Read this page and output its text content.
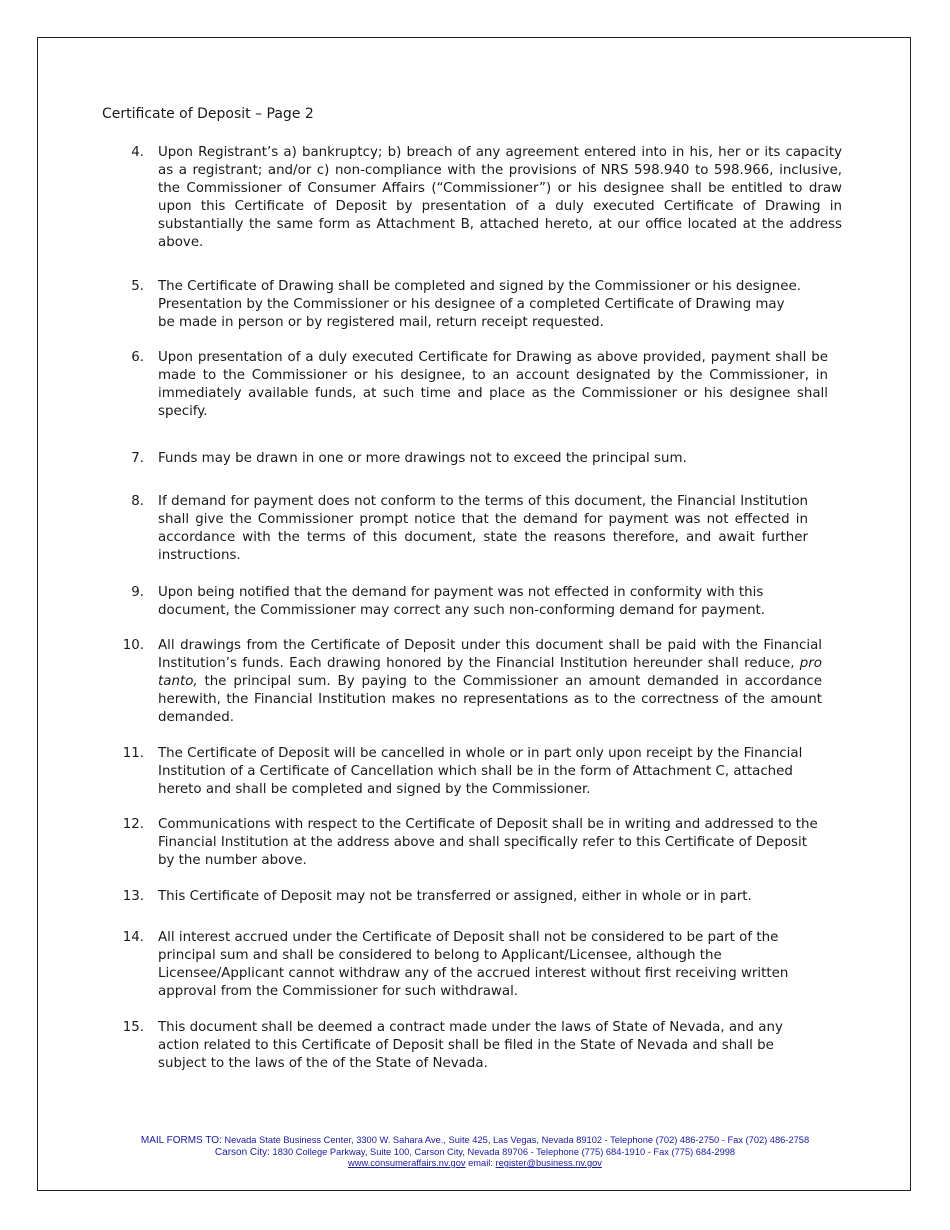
Certificate of Deposit – Page 2
4. Upon Registrant’s a) bankruptcy; b) breach of any agreement entered into in his, her or its capacity as a registrant; and/or c) non-compliance with the provisions of NRS 598.940 to 598.966, inclusive, the Commissioner of Consumer Affairs (“Commissioner”) or his designee shall be entitled to draw upon this Certificate of Deposit by presentation of a duly executed Certificate of Drawing in substantially the same form as Attachment B, attached hereto, at our office located at the address above.
5. The Certificate of Drawing shall be completed and signed by the Commissioner or his designee. Presentation by the Commissioner or his designee of a completed Certificate of Drawing may be made in person or by registered mail, return receipt requested.
6. Upon presentation of a duly executed Certificate for Drawing as above provided, payment shall be made to the Commissioner or his designee, to an account designated by the Commissioner, in immediately available funds, at such time and place as the Commissioner or his designee shall specify.
7. Funds may be drawn in one or more drawings not to exceed the principal sum.
8. If demand for payment does not conform to the terms of this document, the Financial Institution shall give the Commissioner prompt notice that the demand for payment was not effected in accordance with the terms of this document, state the reasons therefore, and await further instructions.
9. Upon being notified that the demand for payment was not effected in conformity with this document, the Commissioner may correct any such non-conforming demand for payment.
10. All drawings from the Certificate of Deposit under this document shall be paid with the Financial Institution’s funds. Each drawing honored by the Financial Institution hereunder shall reduce, pro tanto, the principal sum. By paying to the Commissioner an amount demanded in accordance herewith, the Financial Institution makes no representations as to the correctness of the amount demanded.
11. The Certificate of Deposit will be cancelled in whole or in part only upon receipt by the Financial Institution of a Certificate of Cancellation which shall be in the form of Attachment C, attached hereto and shall be completed and signed by the Commissioner.
12. Communications with respect to the Certificate of Deposit shall be in writing and addressed to the Financial Institution at the address above and shall specifically refer to this Certificate of Deposit by the number above.
13. This Certificate of Deposit may not be transferred or assigned, either in whole or in part.
14. All interest accrued under the Certificate of Deposit shall not be considered to be part of the principal sum and shall be considered to belong to Applicant/Licensee, although the Licensee/Applicant cannot withdraw any of the accrued interest without first receiving written approval from the Commissioner for such withdrawal.
15. This document shall be deemed a contract made under the laws of State of Nevada, and any action related to this Certificate of Deposit shall be filed in the State of Nevada and shall be subject to the laws of the of the State of Nevada.
MAIL FORMS TO: Nevada State Business Center, 3300 W. Sahara Ave., Suite 425, Las Vegas, Nevada 89102 - Telephone (702) 486-2750 - Fax (702) 486-2758
Carson City: 1830 College Parkway, Suite 100, Carson City, Nevada 89706 - Telephone (775) 684-1910 - Fax (775) 684-2998
www.consumeraffairs.nv.gov email: register@business.nv.gov
